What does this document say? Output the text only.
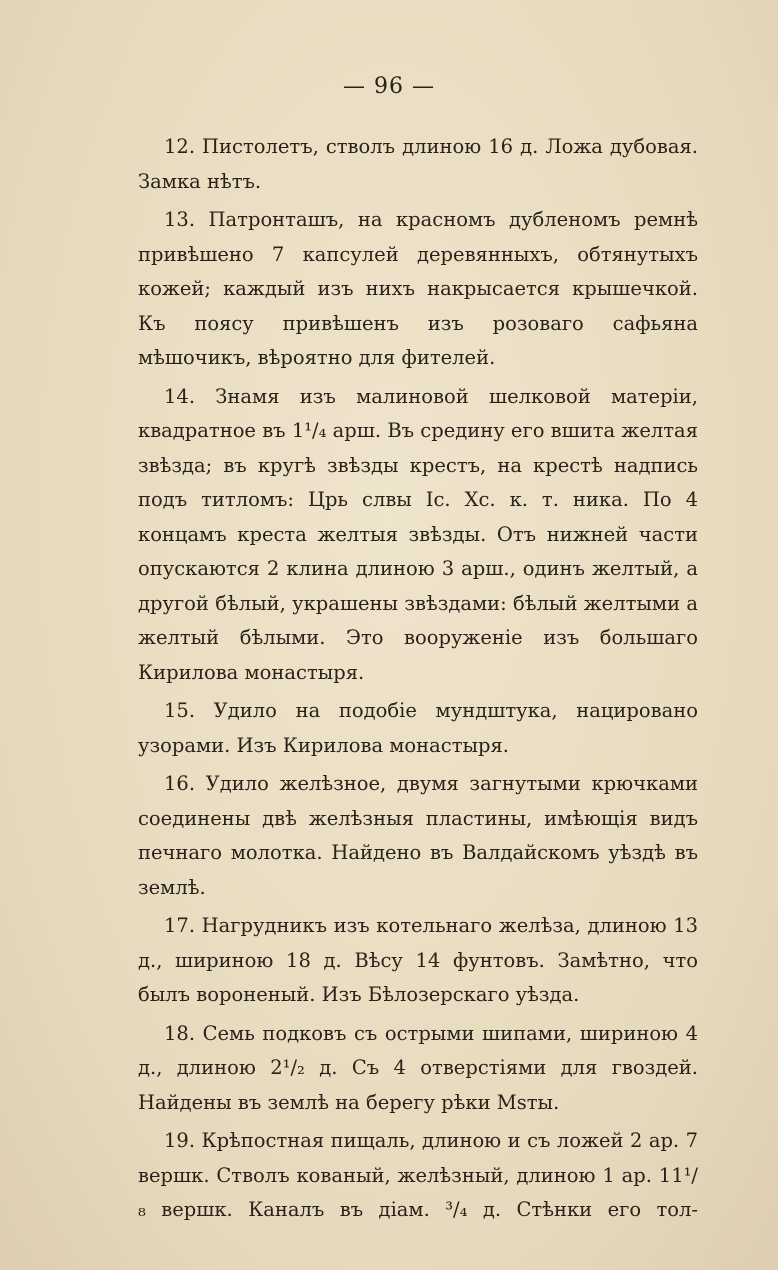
— 96 —

12. Пистолетъ, стволъ длиною 16 д. Ложа дубовая. Замка нѣтъ.

13. Патронташъ, на красномъ дубленомъ ремнѣ привѣшено 7 капсулей деревянныхъ, обтянутыхъ кожей; каждый изъ нихъ накрысается крышечкой. Къ поясу привѣшенъ изъ розоваго сафьяна мѣшочикъ, вѣроятно для фителей.

14. Знамя изъ малиновой шелковой матеріи, квадратное въ 1¹/₄ арш. Въ средину его вшита желтая звѣзда; въ кругѣ звѣзды крестъ, на крестѣ надпись подъ титломъ: Црь слвы Іс. Хс. к. т. ника. По 4 концамъ креста желтыя звѣзды. Отъ нижней части опускаются 2 клина длиною 3 арш., одинъ желтый, а другой бѣлый, украшены звѣздами: бѣлый желтыми а желтый бѣлыми. Это вооруженіе изъ большаго Кирилова монастыря.

15. Удило на подобіе мундштука, нацировано узорами. Изъ Кирилова монастыря.

16. Удило желѣзное, двумя загнутыми крючками соединены двѣ желѣзныя пластины, имѣющія видъ печнаго молотка. Найдено въ Валдайскомъ уѣздѣ въ землѣ.

17. Нагрудникъ изъ котельнаго желѣза, длиною 13 д., шириною 18 д. Вѣсу 14 фунтовъ. Замѣтно, что былъ вороненый. Изъ Бѣлозерскаго уѣзда.

18. Семь подковъ съ острыми шипами, шириною 4 д., длиною 2¹/₂ д. Съ 4 отверстіями для гвоздей. Найдены въ землѣ на берегу рѣки Msты.

19. Крѣпостная пищаль, длиною и съ ложей 2 ар. 7 вершк. Стволъ кованый, желѣзный, длиною 1 ар. 11¹/₈ вершк. Каналъ въ діам. ³/₄ д. Стѣнки его тол-
